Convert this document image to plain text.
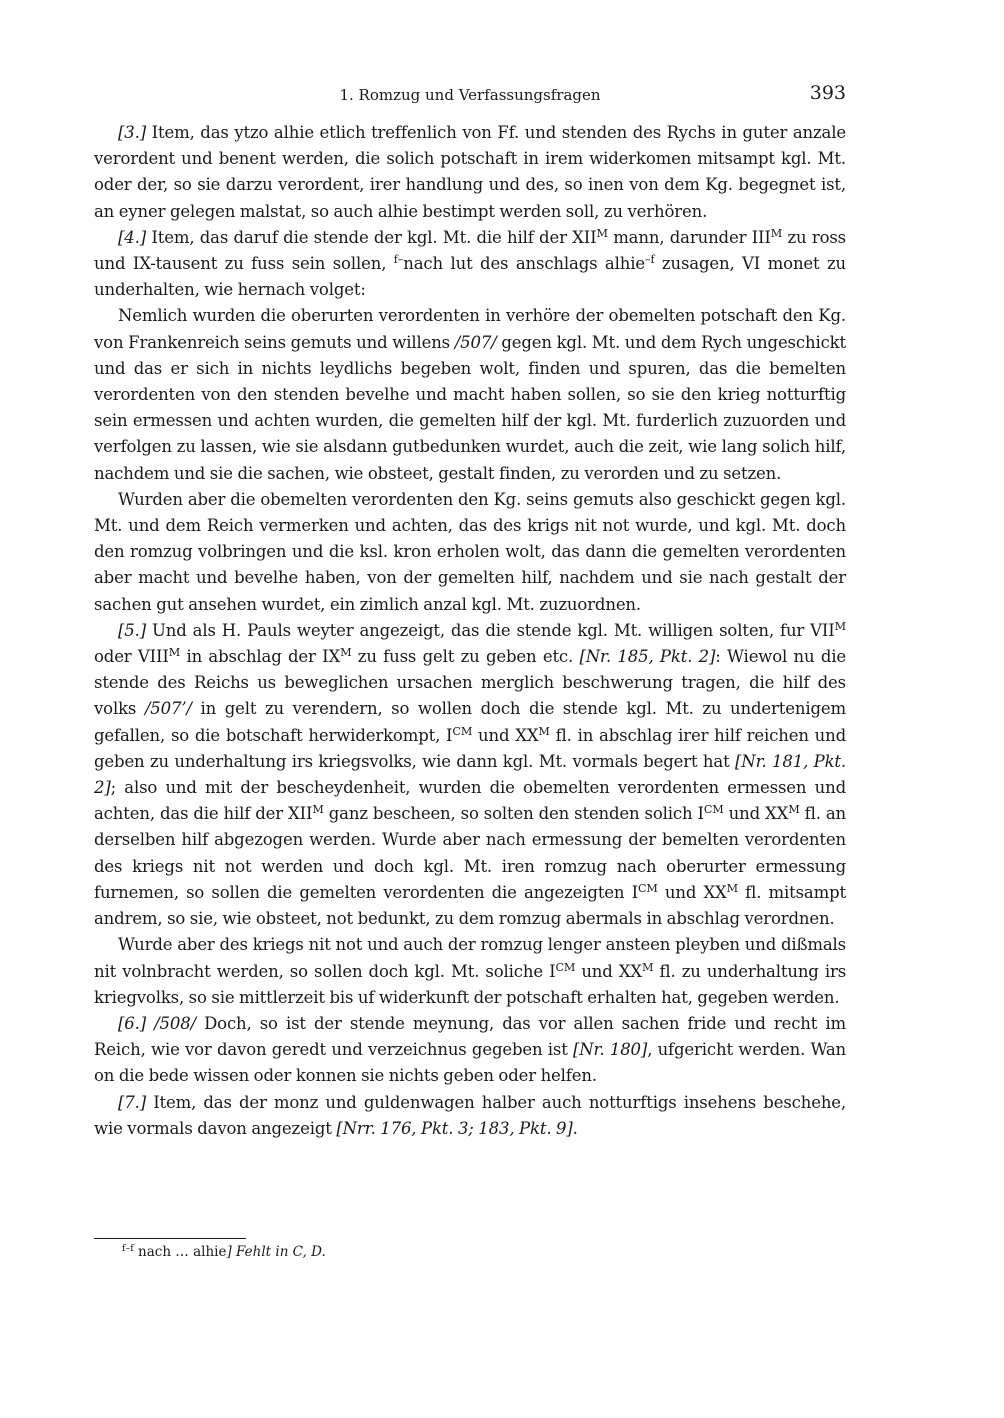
1. Romzug und Verfassungsfragen	393

[3.] Item, das ytzo alhie etlich treffenlich von Ff. und stenden des Rychs in guter anzale verordent und benent werden, die solich potschaft in irem widerkomen mitsampt kgl. Mt. oder der, so sie darzu verordent, irer handlung und des, so inen von dem Kg. begegnet ist, an eyner gelegen malstat, so auch alhie bestimpt werden soll, zu verhören.

[4.] Item, das daruf die stende der kgl. Mt. die hilf der $XII^M$ mann, darunder $III^M$ zu ross und IX-tausent zu fuss sein sollen, $^{f-}$nach lut des anschlags alhie$^{-f}$ zusagen, VI monet zu underhalten, wie hernach volget:

Nemlich wurden die oberurten verordenten in verhöre der obemelten potschaft den Kg. von Frankenreich seins gemuts und willens /507/ gegen kgl. Mt. und dem Rych ungeschickt und das er sich in nichts leydlichs begeben wolt, finden und spuren, das die bemelten verordenten von den stenden bevelhe und macht haben sollen, so sie den krieg notturftig sein ermessen und achten wurden, die gemelten hilf der kgl. Mt. furderlich zuzuorden und verfolgen zu lassen, wie sie alsdann gutbedunken wurdet, auch die zeit, wie lang solich hilf, nachdem und sie die sachen, wie obsteet, gestalt finden, zu verorden und zu setzen.

Wurden aber die obemelten verordenten den Kg. seins gemuts also geschickt gegen kgl. Mt. und dem Reich vermerken und achten, das des krigs nit not wurde, und kgl. Mt. doch den romzug volbringen und die ksl. kron erholen wolt, das dann die gemelten verordenten aber macht und bevelhe haben, von der gemelten hilf, nachdem und sie nach gestalt der sachen gut ansehen wurdet, ein zimlich anzal kgl. Mt. zuzuordnen.

[5.] Und als H. Pauls weyter angezeigt, das die stende kgl. Mt. willigen solten, fur $VII^M$ oder $VIII^M$ in abschlag der $IX^M$ zu fuss gelt zu geben etc. [Nr. 185, Pkt. 2]: Wiewol nu die stende des Reichs us beweglichen ursachen merglich beschwerung tragen, die hilf des volks /507’/ in gelt zu verendern, so wollen doch die stende kgl. Mt. zu undertenigem gefallen, so die botschaft herwiderkompt, $I^{CM}$ und $XX^M$ fl. in abschlag irer hilf reichen und geben zu underhaltung irs kriegsvolks, wie dann kgl. Mt. vormals begert hat [Nr. 181, Pkt. 2]; also und mit der bescheydenheit, wurden die obemelten verordenten ermessen und achten, das die hilf der $XII^M$ ganz bescheen, so solten den stenden solich $I^{CM}$ und $XX^M$ fl. an derselben hilf abgezogen werden. Wurde aber nach ermessung der bemelten verordenten des kriegs nit not werden und doch kgl. Mt. iren romzug nach oberurter ermessung furnemen, so sollen die gemelten verordenten die angezeigten $I^{CM}$ und $XX^M$ fl. mitsampt andrem, so sie, wie obsteet, not bedunkt, zu dem romzug abermals in abschlag verordnen.

Wurde aber des kriegs nit not und auch der romzug lenger ansteen pleyben und dißmals nit volnbracht werden, so sollen doch kgl. Mt. soliche $I^{CM}$ und $XX^M$ fl. zu underhaltung irs kriegvolks, so sie mittlerzeit bis uf widerkunft der potschaft erhalten hat, gegeben werden.

[6.] /508/ Doch, so ist der stende meynung, das vor allen sachen fride und recht im Reich, wie vor davon geredt und verzeichnus gegeben ist [Nr. 180], ufgericht werden. Wan on die bede wissen oder konnen sie nichts geben oder helfen.

[7.] Item, das der monz und guldenwagen halber auch notturftigs insehens beschehe, wie vormals davon angezeigt [Nrr. 176, Pkt. 3; 183, Pkt. 9].

$^{f-f}$ nach … alhie] Fehlt in C, D.
